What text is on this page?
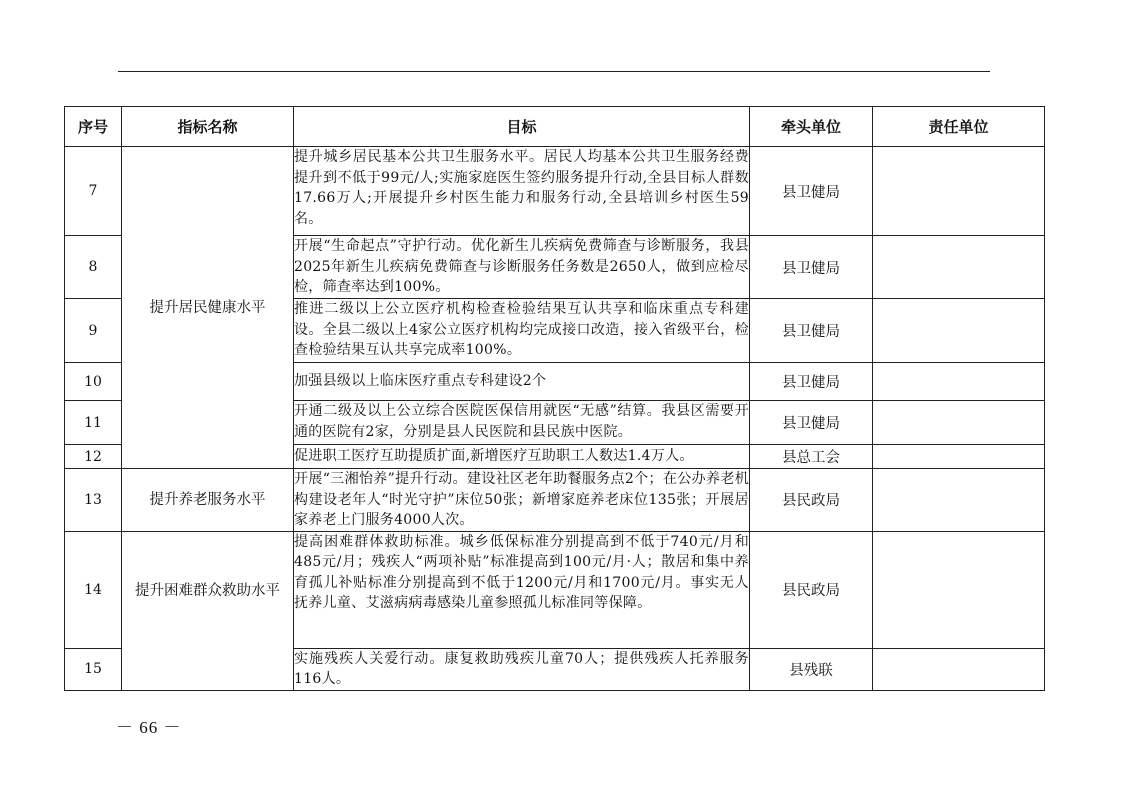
序号	指标名称	目标	牵头单位	责任单位
7	提升居民健康水平	提升城乡居民基本公共卫生服务水平。居民人均基本公共卫生服务经费提升到不低于99元/人;实施家庭医生签约服务提升行动,全县目标人群数17.66万人;开展提升乡村医生能力和服务行动,全县培训乡村医生59名。	县卫健局	
8		开展“生命起点”守护行动。优化新生儿疾病免费筛查与诊断服务，我县2025年新生儿疾病免费筛查与诊断服务任务数是2650人，做到应检尽检，筛查率达到100%。	县卫健局	
9		推进二级以上公立医疗机构检查检验结果互认共享和临床重点专科建设。全县二级以上4家公立医疗机构均完成接口改造，接入省级平台，检查检验结果互认共享完成率100%。	县卫健局	
10		加强县级以上临床医疗重点专科建设2个	县卫健局	
11		开通二级及以上公立综合医院医保信用就医“无感”结算。我县区需要开通的医院有2家，分别是县人民医院和县民族中医院。	县卫健局	
12		促进职工医疗互助提质扩面,新增医疗互助职工人数达1.4万人。	县总工会	
13	提升养老服务水平	开展“三湘怡养”提升行动。建设社区老年助餐服务点2个；在公办养老机构建设老年人“时光守护”床位50张；新增家庭养老床位135张；开展居家养老上门服务4000人次。	县民政局	
14	提升困难群众救助水平	提高困难群体救助标准。城乡低保标准分别提高到不低于740元/月和485元/月；残疾人“两项补贴”标准提高到100元/月·人；散居和集中养育孤儿补贴标准分别提高到不低于1200元/月和1700元/月。事实无人抚养儿童、艾滋病病毒感染儿童参照孤儿标准同等保障。	县民政局	
15		实施残疾人关爱行动。康复救助残疾儿童70人；提供残疾人托养服务116人。	县残联	
－ 66 －
